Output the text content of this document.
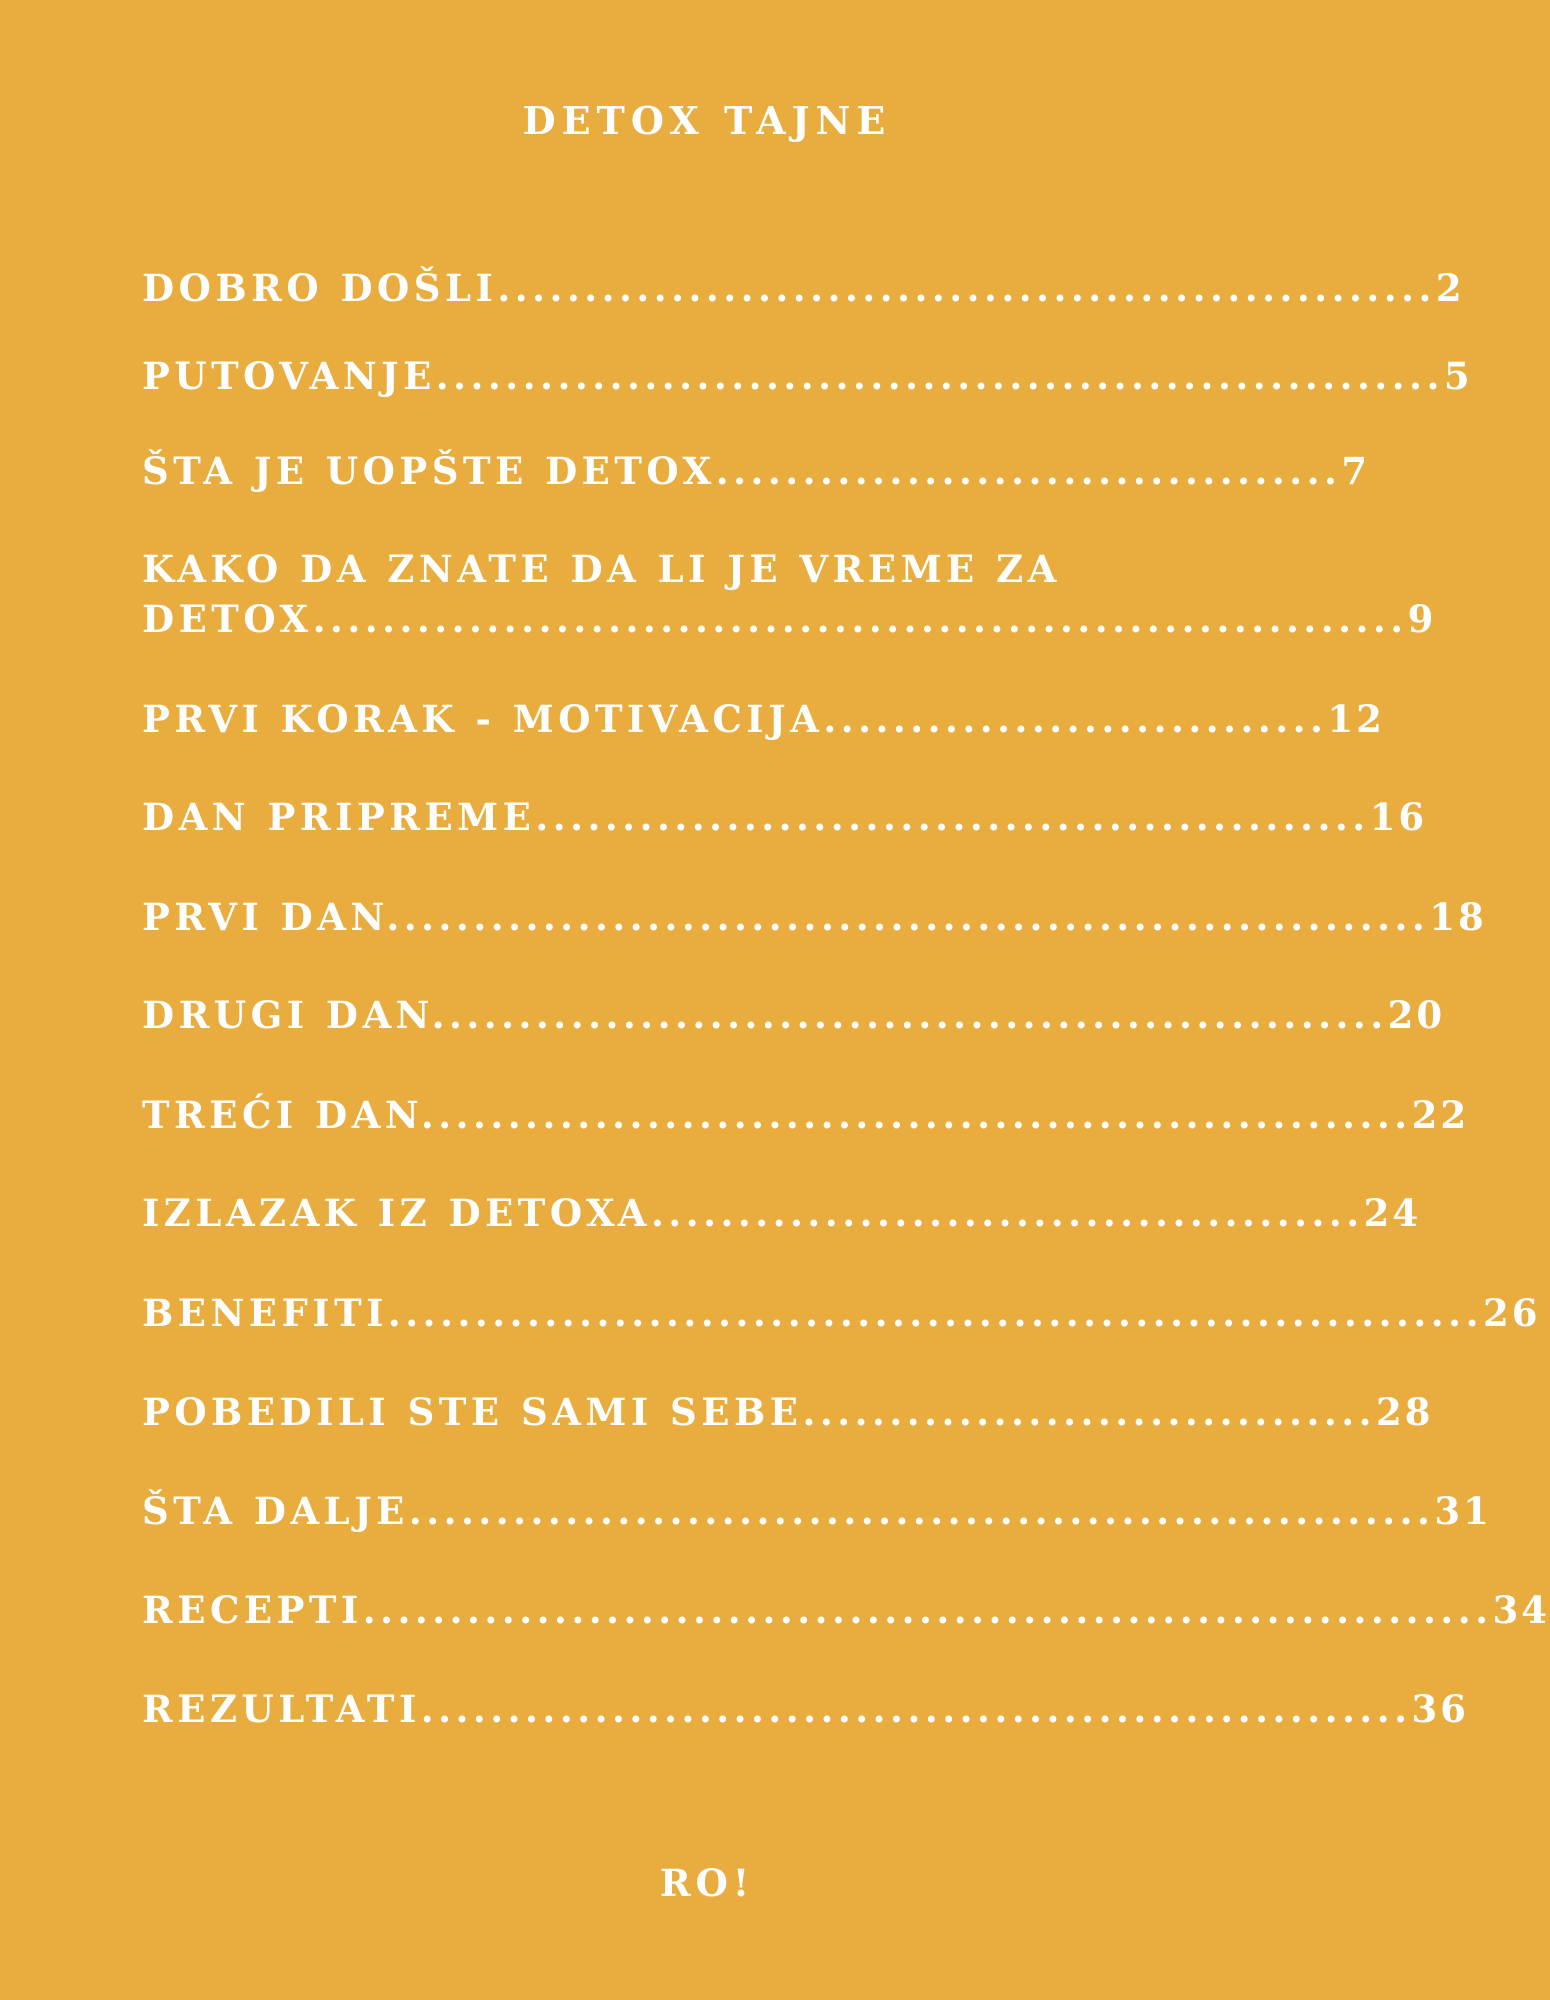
DETOX TAJNE
DOBRO DOŠLI......................................................2
PUTOVANJE..........................................................5
ŠTA JE UOPŠTE DETOX....................................7
KAKO DA ZNATE DA LI JE VREME ZA
DETOX...............................................................9
PRVI KORAK - MOTIVACIJA.............................12
DAN PRIPREME................................................16
PRVI DAN............................................................18
DRUGI DAN.......................................................20
TREĆI DAN.........................................................22
IZLAZAK IZ DETOXA.........................................24
BENEFITI...............................................................26
POBEDILI STE SAMI SEBE.................................28
ŠTA DALJE...........................................................31
RECEPTI.................................................................34
REZULTATI.........................................................36
RO!
